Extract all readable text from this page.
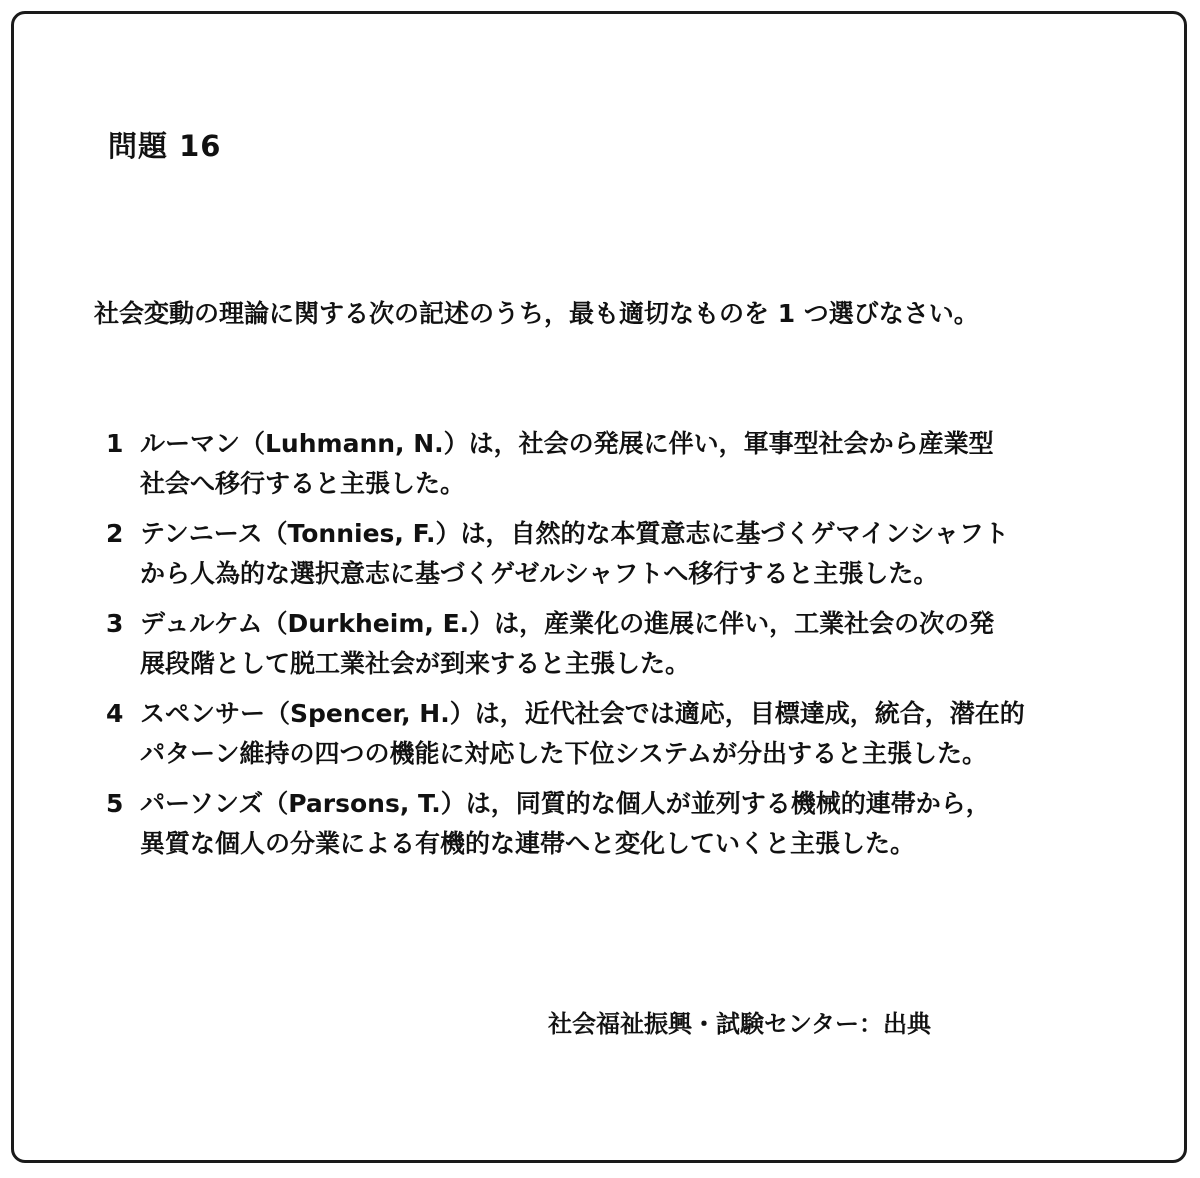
問題 16
社会変動の理論に関する次の記述のうち，最も適切なものを 1 つ選びなさい。
1 ルーマン（Luhmann, N.）は，社会の発展に伴い，軍事型社会から産業型
社会へ移行すると主張した。
2 テンニース（Tonnies, F.）は，自然的な本質意志に基づくゲマインシャフト
から人為的な選択意志に基づくゲゼルシャフトへ移行すると主張した。
3 デュルケム（Durkheim, E.）は，産業化の進展に伴い，工業社会の次の発
展段階として脱工業社会が到来すると主張した。
4 スペンサー（Spencer, H.）は，近代社会では適応，目標達成，統合，潜在的
パターン維持の四つの機能に対応した下位システムが分出すると主張した。
5 パーソンズ（Parsons, T.）は，同質的な個人が並列する機械的連帯から，
異質な個人の分業による有機的な連帯へと変化していくと主張した。
社会福祉振興・試験センター：出典
